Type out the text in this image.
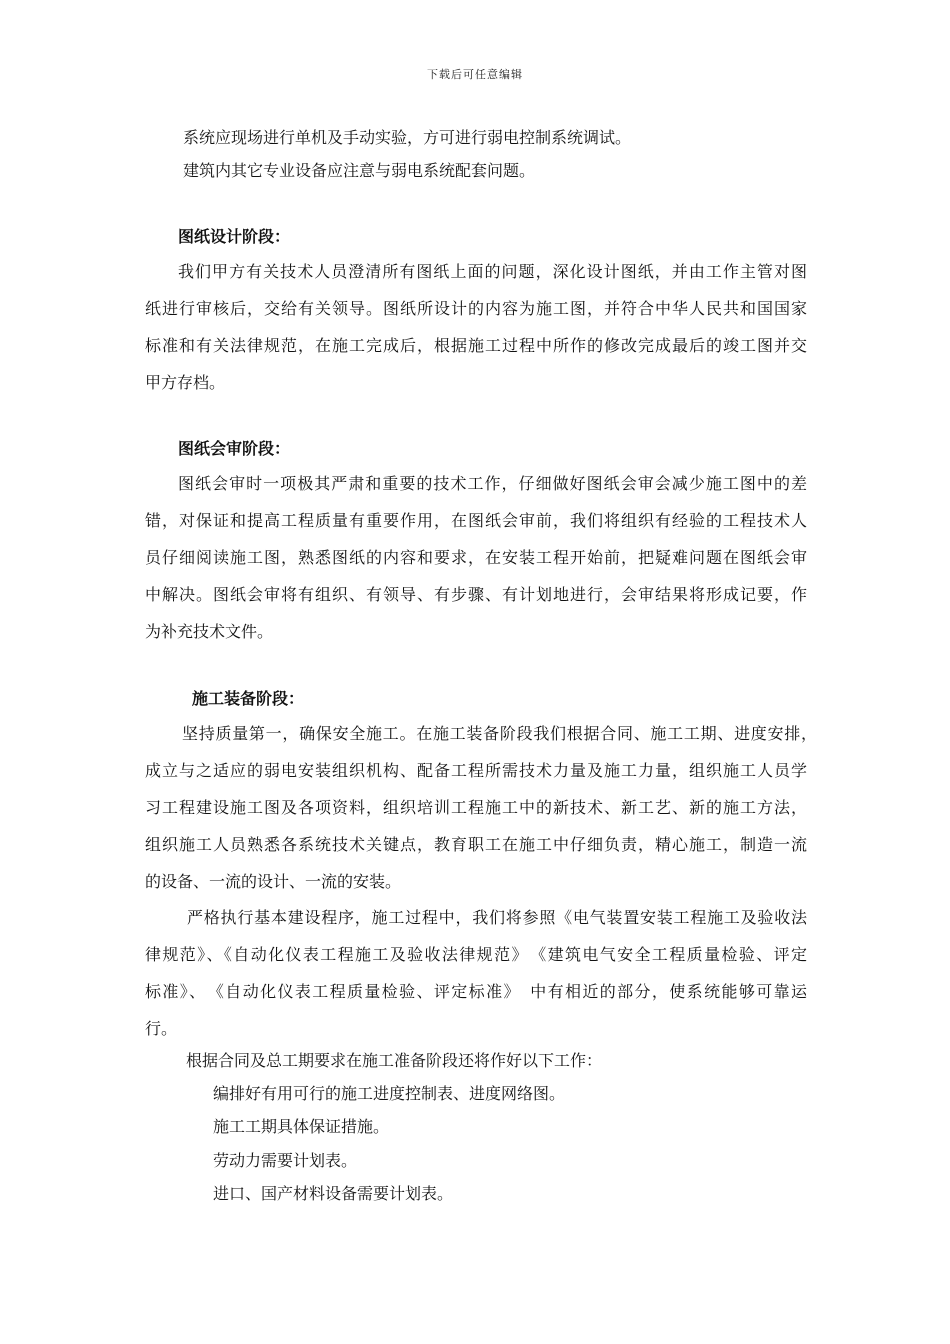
下载后可任意编辑
系统应现场进行单机及手动实验，方可进行弱电控制系统调试。
建筑内其它专业设备应注意与弱电系统配套问题。
图纸设计阶段：
我们甲方有关技术人员澄清所有图纸上面的问题，深化设计图纸，并由工作主管对图
纸进行审核后，交给有关领导。图纸所设计的内容为施工图，并符合中华人民共和国国家
标准和有关法律规范，在施工完成后，根据施工过程中所作的修改完成最后的竣工图并交
甲方存档。
图纸会审阶段：
图纸会审时一项极其严肃和重要的技术工作，仔细做好图纸会审会减少施工图中的差
错，对保证和提高工程质量有重要作用，在图纸会审前，我们将组织有经验的工程技术人
员仔细阅读施工图，熟悉图纸的内容和要求，在安装工程开始前，把疑难问题在图纸会审
中解决。图纸会审将有组织、有领导、有步骤、有计划地进行，会审结果将形成记要，作
为补充技术文件。
施工装备阶段：
坚持质量第一，确保安全施工。在施工装备阶段我们根据合同、施工工期、进度安排，
成立与之适应的弱电安装组织机构、配备工程所需技术力量及施工力量，组织施工人员学
习工程建设施工图及各项资料，组织培训工程施工中的新技术、新工艺、新的施工方法，
组织施工人员熟悉各系统技术关键点，教育职工在施工中仔细负责，精心施工，制造一流
的设备、一流的设计、一流的安装。
严格执行基本建设程序，施工过程中，我们将参照《电气装置安装工程施工及验收法
律规范》、《自动化仪表工程施工及验收法律规范》　《建筑电气安全工程质量检验、评定
标准》、　《自动化仪表工程质量检验、评定标准》　中有相近的部分，使系统能够可靠运
行。
根据合同及总工期要求在施工准备阶段还将作好以下工作：
编排好有用可行的施工进度控制表、进度网络图。
施工工期具体保证措施。
劳动力需要计划表。
进口、国产材料设备需要计划表。
